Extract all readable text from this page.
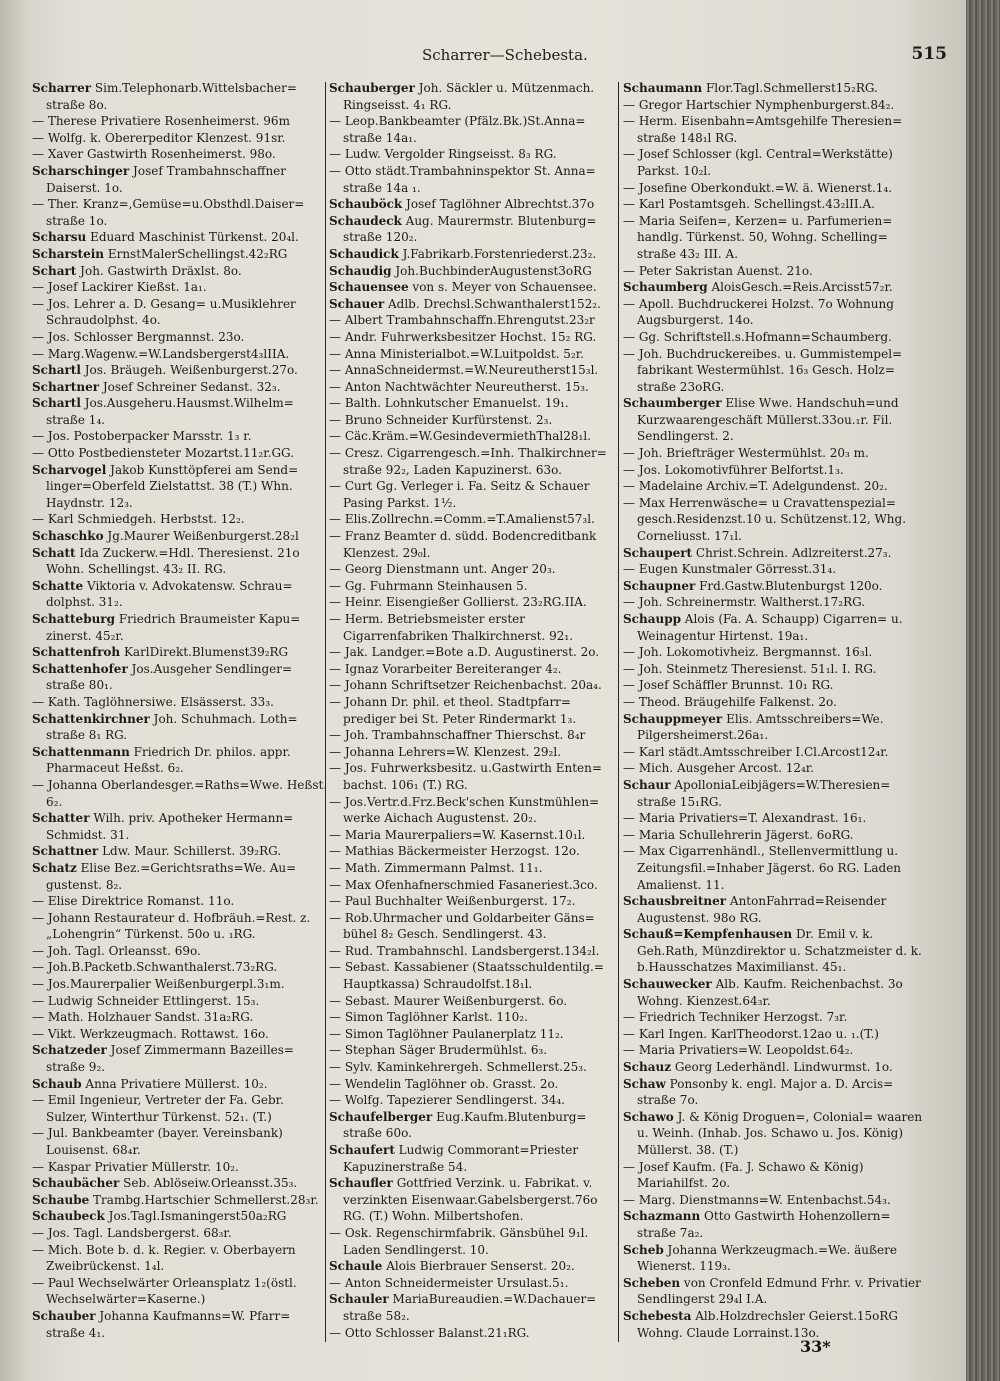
Scharrer—Schebesta.	515

Scharrer Sim.Telephonarb.Wittelsbacher= straße 8o.

— Therese Privatiere Rosenheimerst. 96m

— Wolfg. k. Obererpeditor Klenzest. 91sr.

— Xaver Gastwirth Rosenheimerst. 98o.

Scharschinger Josef Trambahnschaffner Daiserst. 1o.

— Ther. Kranz=,Gemüse=u.Obsthdl.Daiser= straße 1o.

Scharsu Eduard Maschinist Türkenst. 20₄l.

Scharstein ErnstMalerSchellingst.42₂RG

Schart Joh. Gastwirth Dräxlst. 8o.

— Josef Lackirer Kießst. 1a₁.

— Jos. Lehrer a. D. Gesang= u.Musiklehrer Schraudolphst. 4o.

— Jos. Schlosser Bergmannst. 23o.

— Marg.Wagenw.=W.Landsbergerst4₃lIIA.

Schartl Jos. Bräugeh. Weißenburgerst.27o.

Schartner Josef Schreiner Sedanst. 32₃.

Schartl Jos.Ausgeheru.Hausmst.Wilhelm= straße 1₄.

— Jos. Postoberpacker Marsstr. 1₃ r.

— Otto Postbediensteter Mozartst.11₂r.GG.

Scharvogel Jakob Kunsttöpferei am Send= linger=Oberfeld Zielstattst. 38 (T.) Whn. Haydnstr. 12₃.

— Karl Schmiedgeh. Herbstst. 12₂.

Schaschko Jg.Maurer Weißenburgerst.28₂l

Schatt Ida Zuckerw.=Hdl. Theresienst. 21o Wohn. Schellingst. 43₂ II. RG.

Schatte Viktoria v. Advokatensw. Schrau= dolphst. 31₂.

Schatteburg Friedrich Braumeister Kapu= zinerst. 45₂r.

Schattenfroh KarlDirekt.Blumenst39₂RG

Schattenhofer Jos.Ausgeher Sendlinger= straße 80₁.

— Kath. Taglöhnersiwe. Elsässerst. 33₃.

Schattenkirchner Joh. Schuhmach. Loth= straße 8₁ RG.

Schattenmann Friedrich Dr. philos. appr. Pharmaceut Heßst. 6₂.

— Johanna Oberlandesger.=Raths=Wwe. Heßst. 6₂.

Schatter Wilh. priv. Apotheker Hermann= Schmidst. 31.

Schattner Ldw. Maur. Schillerst. 39₂RG.

Schatz Elise Bez.=Gerichtsraths=We. Au= gustenst. 8₂.

— Elise Direktrice Romanst. 11o.

— Johann Restaurateur d. Hofbräuh.=Rest. z. „Lohengrin“ Türkenst. 50o u. ₁RG.

— Joh. Tagl. Orleansst. 69o.

— Joh.B.Packetb.Schwanthalerst.73₂RG.

— Jos.Maurerpalier Weißenburgerpl.3₁m.

— Ludwig Schneider Ettlingerst. 15₃.

— Math. Holzhauer Sandst. 31a₂RG.

— Vikt. Werkzeugmach. Rottawst. 16o.

Schatzeder Josef Zimmermann Bazeilles= straße 9₂.

Schaub Anna Privatiere Müllerst. 10₂.

— Emil Ingenieur, Vertreter der Fa. Gebr. Sulzer, Winterthur Türkenst. 52₁. (T.)

— Jul. Bankbeamter (bayer. Vereinsbank) Louisenst. 68₄r.

— Kaspar Privatier Müllerstr. 10₂.

Schaubächer Seb. Ablöseiw.Orleansst.35₃.

Schaube Trambg.Hartschier Schmellerst.28₃r.

Schaubeck Jos.Tagl.Ismaningerst50a₂RG

— Jos. Tagl. Landsbergerst. 68₃r.

— Mich. Bote b. d. k. Regier. v. Oberbayern Zweibrückenst. 1₄l.

— Paul Wechselwärter Orleansplatz 1₂(östl. Wechselwärter=Kaserne.)

Schauber Johanna Kaufmanns=W. Pfarr= straße 4₁.

Schauberger Joh. Säckler u. Mützenmach. Ringseisst. 4₁ RG.

— Leop.Bankbeamter (Pfälz.Bk.)St.Anna= straße 14a₁.

— Ludw. Vergolder Ringseisst. 8₃ RG.

— Otto städt.Trambahninspektor St. Anna= straße 14a ₁.

Schauböck Josef Taglöhner Albrechtst.37o

Schaudeck Aug. Maurermstr. Blutenburg= straße 120₂.

Schaudick J.Fabrikarb.Forstenriederst.23₂.

Schaudig Joh.BuchbinderAugustenst3oRG

Schauensee von s. Meyer von Schauensee.

Schauer Adlb. Drechsl.Schwanthalerst152₂.

— Albert Trambahnschaffn.Ehrengutst.23₂r

— Andr. Fuhrwerksbesitzer Hochst. 15₂ RG.

— Anna Ministerialbot.=W.Luitpoldst. 5₂r.

— AnnaSchneidermst.=W.Neureutherst15₃l.

— Anton Nachtwächter Neureutherst. 15₃.

— Balth. Lohnkutscher Emanuelst. 19₁.

— Bruno Schneider Kurfürstenst. 2₃.

— Cäc.Kräm.=W.GesindevermiethThal28₁l.

— Cresz. Cigarrengesch.=Inh. Thalkirchner= straße 92₂, Laden Kapuzinerst. 63o.

— Curt Gg. Verleger i. Fa. Seitz & Schauer Pasing Parkst. 1½.

— Elis.Zollrechn.=Comm.=T.Amalienst57₃l.

— Franz Beamter d. südd. Bodencreditbank Klenzest. 29₀l.

— Georg Dienstmann unt. Anger 20₃.

— Gg. Fuhrmann Steinhausen 5.

— Heinr. Eisengießer Gollierst. 23₂RG.IIA.

— Herm. Betriebsmeister erster Cigarrenfabriken Thalkirchnerst. 92₁.

— Jak. Landger.=Bote a.D. Augustinerst. 2o.

— Ignaz Vorarbeiter Bereiteranger 4₂.

— Johann Schriftsetzer Reichenbachst. 20a₄.

— Johann Dr. phil. et theol. Stadtpfarr= prediger bei St. Peter Rindermarkt 1₃.

— Joh. Trambahnschaffner Thierschst. 8₄r

— Johanna Lehrers=W. Klenzest. 29₂l.

— Jos. Fuhrwerksbesitz. u.Gastwirth Enten= bachst. 106₁ (T.) RG.

— Jos.Vertr.d.Frz.Beck'schen Kunstmühlen= werke Aichach Augustenst. 20₂.

— Maria Maurerpaliers=W. Kasernst.10₁l.

— Mathias Bäckermeister Herzogst. 12o.

— Math. Zimmermann Palmst. 11₁.

— Max Ofenhafnerschmied Fasaneriest.3co.

— Paul Buchhalter Weißenburgerst. 17₂.

— Rob.Uhrmacher und Goldarbeiter Gäns= bühel 8₂ Gesch. Sendlingerst. 43.

— Rud. Trambahnschl. Landsbergerst.134₂l.

— Sebast. Kassabiener (Staatsschuldentilg.= Hauptkassa) Schraudolfst.18₁l.

— Sebast. Maurer Weißenburgerst. 6o.

— Simon Taglöhner Karlst. 110₂.

— Simon Taglöhner Paulanerplatz 11₂.

— Stephan Säger Brudermühlst. 6₃.

— Sylv. Kaminkehrergeh. Schmellerst.25₃.

— Wendelin Taglöhner ob. Grasst. 2o.

— Wolfg. Tapezierer Sendlingerst. 34₄.

Schaufelberger Eug.Kaufm.Blutenburg= straße 60o.

Schaufert Ludwig Commorant=Priester Kapuzinerstraße 54.

Schaufler Gottfried Verzink. u. Fabrikat. v. verzinkten Eisenwaar.Gabelsbergerst.76o RG. (T.) Wohn. Milbertshofen.

— Osk. Regenschirmfabrik. Gänsbühel 9₁l. Laden Sendlingerst. 10.

Schaule Alois Bierbrauer Senserst. 20₂.

— Anton Schneidermeister Ursulast.5₁.

Schauler MariaBureaudien.=W.Dachauer= straße 58₂.

— Otto Schlosser Balanst.21₁RG.

Schaumann Flor.Tagl.Schmellerst15₂RG.

— Gregor Hartschier Nymphenburgerst.84₂.

— Herm. Eisenbahn=Amtsgehilfe Theresien= straße 148₁l RG.

— Josef Schlosser (kgl. Central=Werkstätte) Parkst. 10₂l.

— Josefine Oberkondukt.=W. ä. Wienerst.1₄.

— Karl Postamtsgeh. Schellingst.43₂lII.A.

— Maria Seifen=, Kerzen= u. Parfumerien= handlg. Türkenst. 50, Wohng. Schelling= straße 43₂ III. A.

— Peter Sakristan Auenst. 21o.

Schaumberg AloisGesch.=Reis.Arcisst57₂r.

— Apoll. Buchdruckerei Holzst. 7o Wohnung Augsburgerst. 14o.

— Gg. Schriftstell.s.Hofmann=Schaumberg.

— Joh. Buchdruckereibes. u. Gummistempel= fabrikant Westermühlst. 16₃ Gesch. Holz= straße 23oRG.

Schaumberger Elise Wwe. Handschuh=und Kurzwaarengeschäft Müllerst.33ou.₁r. Fil. Sendlingerst. 2.

— Joh. Briefträger Westermühlst. 20₃ m.

— Jos. Lokomotivführer Belfortst.1₃.

— Madelaine Archiv.=T. Adelgundenst. 20₂.

— Max Herrenwäsche= u Cravattenspezial= gesch.Residenzst.10 u. Schützenst.12, Whg. Corneliusst. 17₁l.

Schaupert Christ.Schrein. Adlzreiterst.27₃.

— Eugen Kunstmaler Görresst.31₄.

Schaupner Frd.Gastw.Blutenburgst 120o.

— Joh. Schreinermstr. Waltherst.17₂RG.

Schaupp Alois (Fa. A. Schaupp) Cigarren= u. Weinagentur Hirtenst. 19a₁.

— Joh. Lokomotivheiz. Bergmannst. 16₃l.

— Joh. Steinmetz Theresienst. 51₁l. I. RG.

— Josef Schäffler Brunnst. 10₁ RG.

— Theod. Bräugehilfe Falkenst. 2o.

Schauppmeyer Elis. Amtsschreibers=We. Pilgersheimerst.26a₁.

— Karl städt.Amtsschreiber I.Cl.Arcost12₄r.

— Mich. Ausgeher Arcost. 12₄r.

Schaur ApolloniaLeibjägers=W.Theresien= straße 15₁RG.

— Maria Privatiers=T. Alexandrast. 16₁.

— Maria Schullehrerin Jägerst. 6oRG.

— Max Cigarrenhändl., Stellenvermittlung u. Zeitungsfil.=Inhaber Jägerst. 6o RG. Laden Amalienst. 11.

Schausbreitner AntonFahrrad=Reisender Augustenst. 98o RG.

Schauß=Kempfenhausen Dr. Emil v. k. Geh.Rath, Münzdirektor u. Schatzmeister d. k. b.Hausschatzes Maximilianst. 45₁.

Schauwecker Alb. Kaufm. Reichenbachst. 3o Wohng. Kienzest.64₃r.

— Friedrich Techniker Herzogst. 7₃r.

— Karl Ingen. KarlTheodorst.12ao u. ₁.(T.)

— Maria Privatiers=W. Leopoldst.64₂.

Schauz Georg Lederhändl. Lindwurmst. 1o.

Schaw Ponsonby k. engl. Major a. D. Arcis= straße 7o.

Schawo J. & König Droguen=, Colonial= waaren u. Weinh. (Inhab. Jos. Schawo u. Jos. König) Müllerst. 38. (T.)

— Josef Kaufm. (Fa. J. Schawo & König) Mariahilfst. 2o.

— Marg. Dienstmanns=W. Entenbachst.54₃.

Schazmann Otto Gastwirth Hohenzollern= straße 7a₂.

Scheb Johanna Werkzeugmach.=We. äußere Wienerst. 119₃.

Scheben von Cronfeld Edmund Frhr. v. Privatier Sendlingerst 29₄l I.A.

Schebesta Alb.Holzdrechsler Geierst.15oRG Wohng. Claude Lorrainst.13o.

33*
